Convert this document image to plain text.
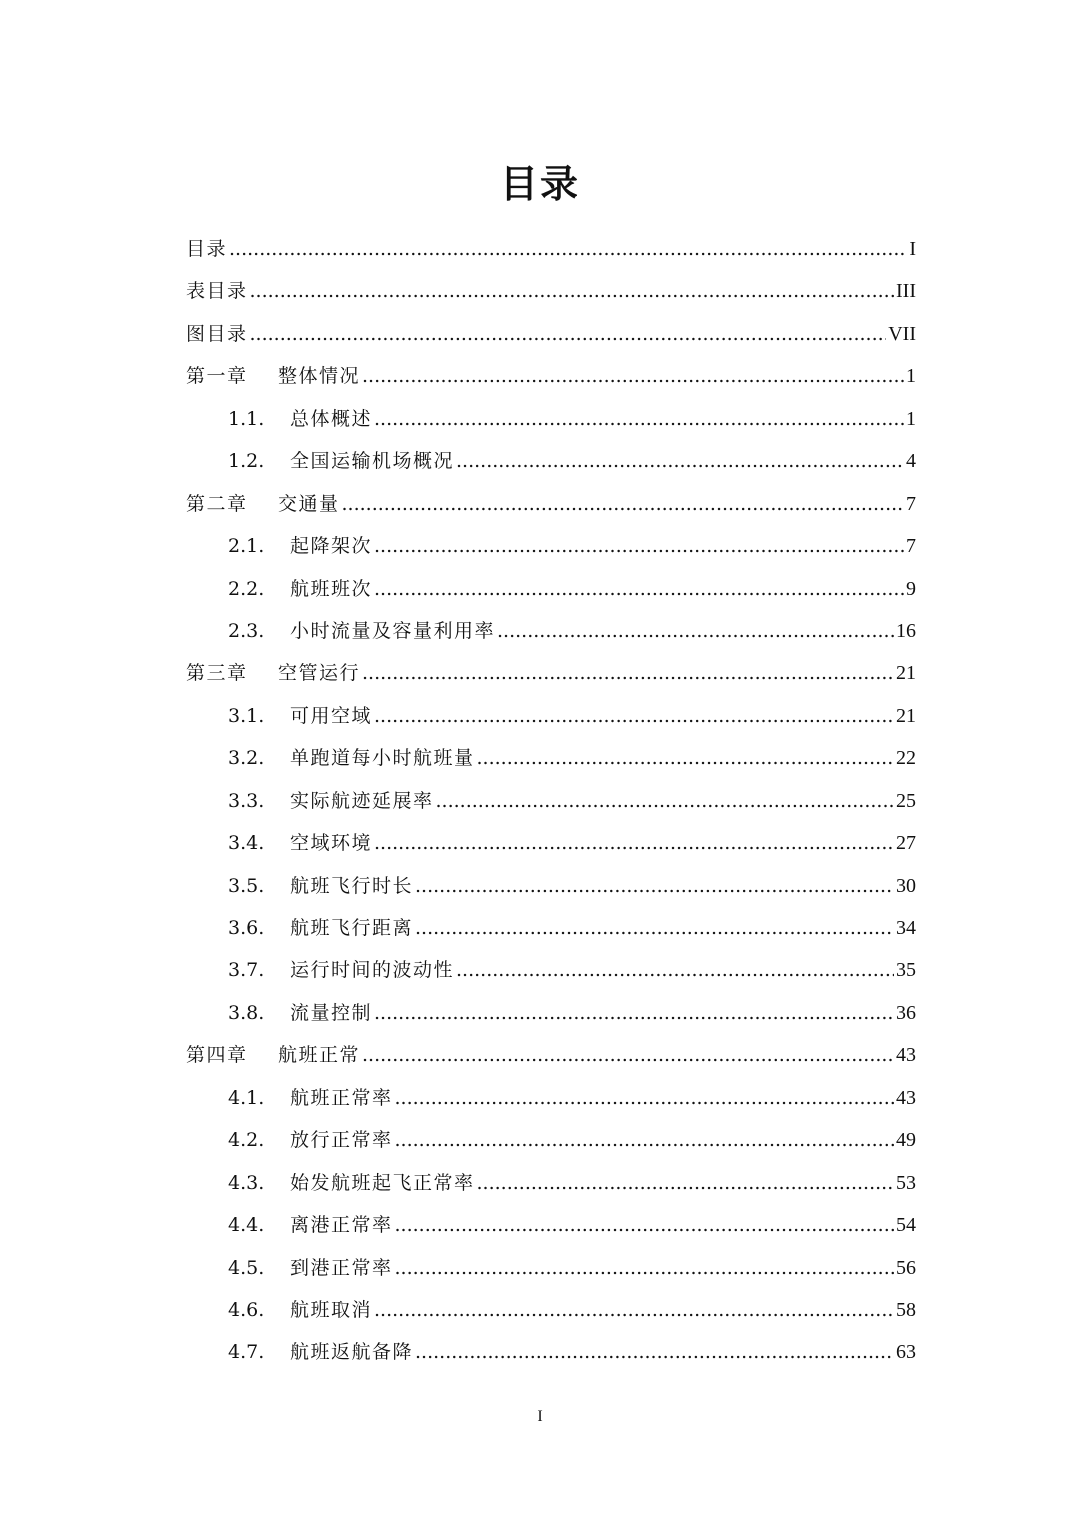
目录
目录 .....	I
表目录 .....	III
图目录 .....	VII
第一章	整体情况 .....	1
1.1.	总体概述 .....	1
1.2.	全国运输机场概况 .....	4
第二章	交通量 .....	7
2.1.	起降架次 .....	7
2.2.	航班班次 .....	9
2.3.	小时流量及容量利用率 .....	16
第三章	空管运行 .....	21
3.1.	可用空域 .....	21
3.2.	单跑道每小时航班量 .....	22
3.3.	实际航迹延展率 .....	25
3.4.	空域环境 .....	27
3.5.	航班飞行时长 .....	30
3.6.	航班飞行距离 .....	34
3.7.	运行时间的波动性 .....	35
3.8.	流量控制 .....	36
第四章	航班正常 .....	43
4.1.	航班正常率 .....	43
4.2.	放行正常率 .....	49
4.3.	始发航班起飞正常率 .....	53
4.4.	离港正常率 .....	54
4.5.	到港正常率 .....	56
4.6.	航班取消 .....	58
4.7.	航班返航备降 .....	63
I
